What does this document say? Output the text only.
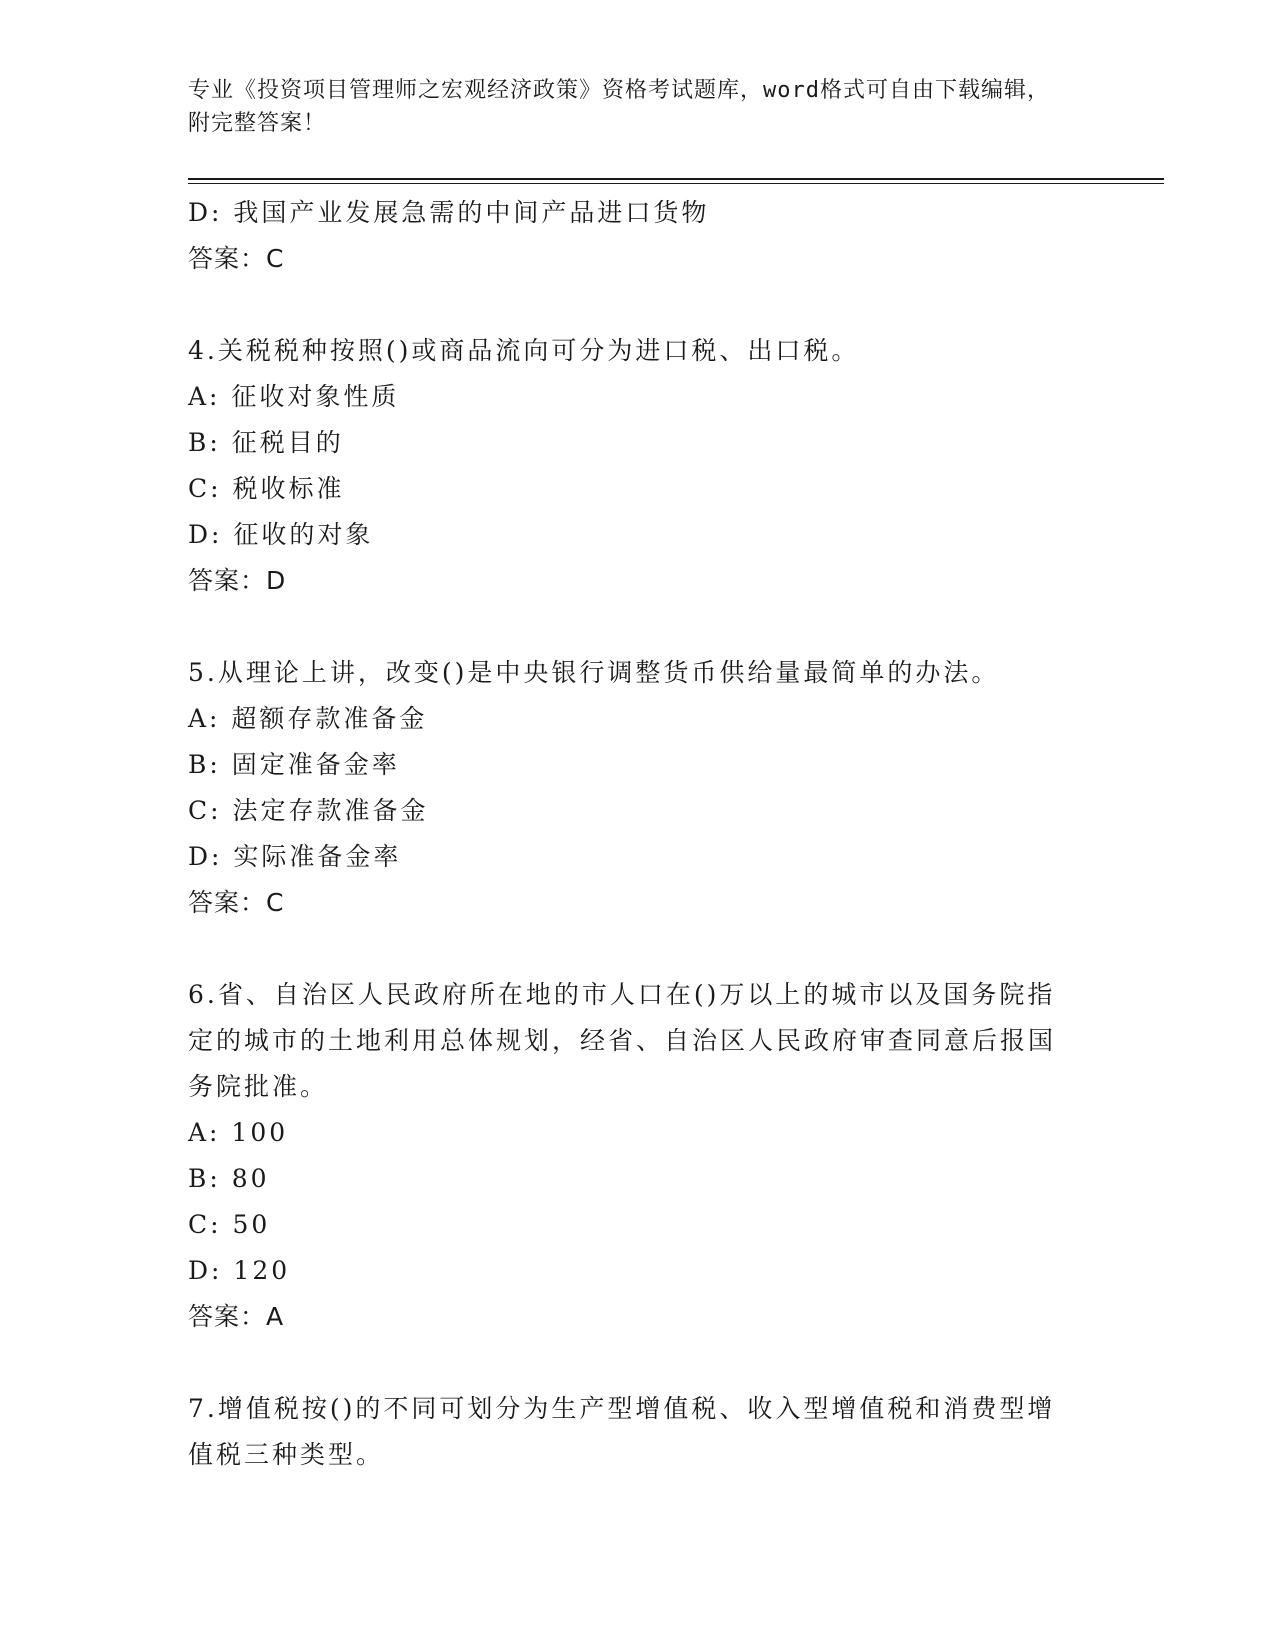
专业《投资项目管理师之宏观经济政策》资格考试题库，word格式可自由下载编辑，附完整答案！
D: 我国产业发展急需的中间产品进口货物
答案：C
4.关税税种按照()或商品流向可分为进口税、出口税。
A: 征收对象性质
B: 征税目的
C: 税收标准
D: 征收的对象
答案：D
5.从理论上讲，改变()是中央银行调整货币供给量最简单的办法。
A: 超额存款准备金
B: 固定准备金率
C: 法定存款准备金
D: 实际准备金率
答案：C
6.省、自治区人民政府所在地的市人口在()万以上的城市以及国务院指定的城市的土地利用总体规划，经省、自治区人民政府审查同意后报国务院批准。
A: 100
B: 80
C: 50
D: 120
答案：A
7.增值税按()的不同可划分为生产型增值税、收入型增值税和消费型增值税三种类型。
